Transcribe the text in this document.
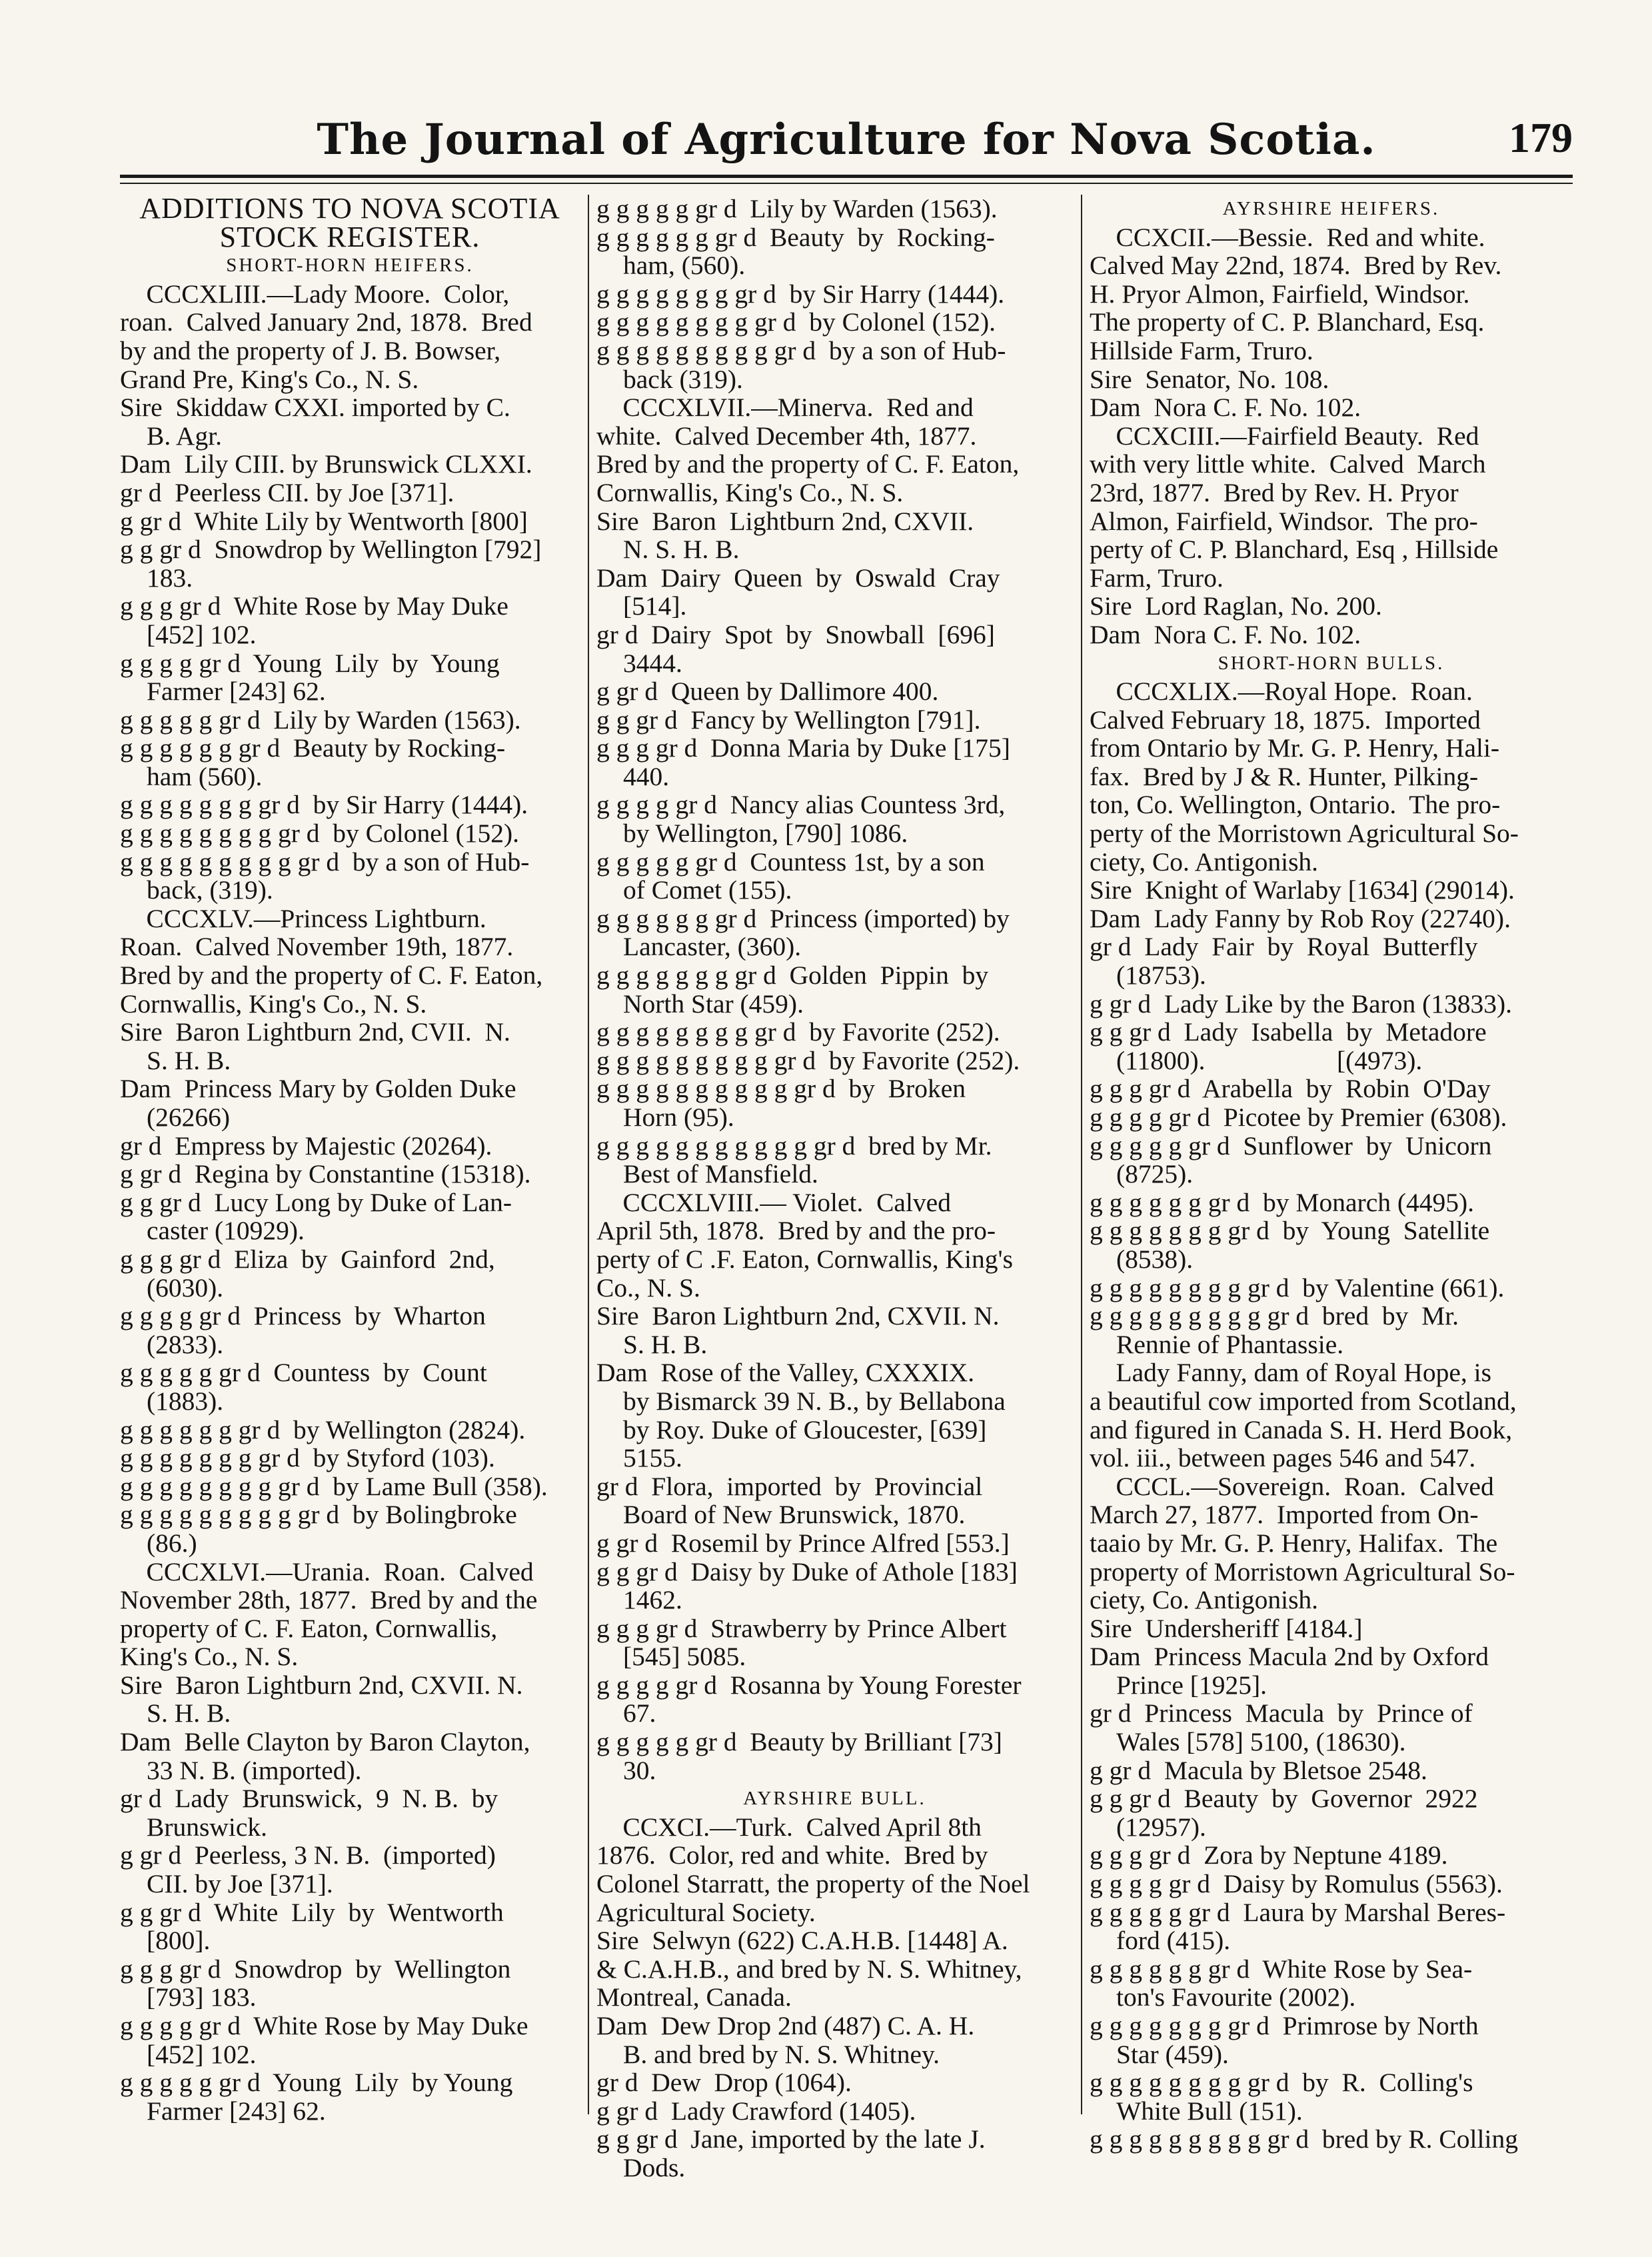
The Journal of Agriculture for Nova Scotia.	179
ADDITIONS TO NOVA SCOTIA
STOCK REGISTER.
SHORT-HORN HEIFERS.
CCCXLIII.—Lady Moore.  Color,
roan.  Calved January 2nd, 1878.  Bred
by and the property of J. B. Bowser,
Grand Pre, King's Co., N. S.
Sire  Skiddaw CXXI. imported by C.
B. Agr.
Dam  Lily CIII. by Brunswick CLXXI.
gr d  Peerless CII. by Joe [371].
g gr d  White Lily by Wentworth [800]
g g gr d  Snowdrop by Wellington [792]
183.
g g g gr d  White Rose by May Duke
[452] 102.
g g g g gr d  Young  Lily  by  Young
Farmer [243] 62.
g g g g g gr d  Lily by Warden (1563).
g g g g g g gr d  Beauty by Rocking-
ham (560).
g g g g g g g gr d  by Sir Harry (1444).
g g g g g g g g gr d  by Colonel (152).
g g g g g g g g g gr d  by a son of Hub-
back, (319).
CCCXLV.—Princess Lightburn.
Roan.  Calved November 19th, 1877.
Bred by and the property of C. F. Eaton,
Cornwallis, King's Co., N. S.
Sire  Baron Lightburn 2nd, CVII.  N.
S. H. B.
Dam  Princess Mary by Golden Duke
(26266)
gr d  Empress by Majestic (20264).
g gr d  Regina by Constantine (15318).
g g gr d  Lucy Long by Duke of Lan-
caster (10929).
g g g gr d  Eliza  by  Gainford  2nd,
(6030).
g g g g gr d  Princess  by  Wharton
(2833).
g g g g g gr d  Countess  by  Count
(1883).
g g g g g g gr d  by Wellington (2824).
g g g g g g g gr d  by Styford (103).
g g g g g g g g gr d  by Lame Bull (358).
g g g g g g g g g gr d  by Bolingbroke
(86.)
CCCXLVI.—Urania.  Roan.  Calved
November 28th, 1877.  Bred by and the
property of C. F. Eaton, Cornwallis,
King's Co., N. S.
Sire  Baron Lightburn 2nd, CXVII. N.
S. H. B.
Dam  Belle Clayton by Baron Clayton,
33 N. B. (imported).
gr d  Lady  Brunswick,  9  N. B.  by
Brunswick.
g gr d  Peerless, 3 N. B.  (imported)
CII. by Joe [371].
g g gr d  White  Lily  by  Wentworth
[800].
g g g gr d  Snowdrop  by  Wellington
[793] 183.
g g g g gr d  White Rose by May Duke
[452] 102.
g g g g g gr d  Young  Lily  by Young
Farmer [243] 62.
g g g g g gr d  Lily by Warden (1563).
g g g g g g gr d  Beauty  by  Rocking-
ham, (560).
g g g g g g g gr d  by Sir Harry (1444).
g g g g g g g g gr d  by Colonel (152).
g g g g g g g g g gr d  by a son of Hub-
back (319).
CCCXLVII.—Minerva.  Red and
white.  Calved December 4th, 1877.
Bred by and the property of C. F. Eaton,
Cornwallis, King's Co., N. S.
Sire  Baron  Lightburn 2nd, CXVII.
N. S. H. B.
Dam  Dairy  Queen  by  Oswald  Cray
[514].
gr d  Dairy  Spot  by  Snowball  [696]
3444.
g gr d  Queen by Dallimore 400.
g g gr d  Fancy by Wellington [791].
g g g gr d  Donna Maria by Duke [175]
440.
g g g g gr d  Nancy alias Countess 3rd,
by Wellington, [790] 1086.
g g g g g gr d  Countess 1st, by a son
of Comet (155).
g g g g g g gr d  Princess (imported) by
Lancaster, (360).
g g g g g g g gr d  Golden  Pippin  by
North Star (459).
g g g g g g g g gr d  by Favorite (252).
g g g g g g g g g gr d  by Favorite (252).
g g g g g g g g g g gr d  by  Broken
Horn (95).
g g g g g g g g g g g gr d  bred by Mr.
Best of Mansfield.
CCCXLVIII.— Violet.  Calved
April 5th, 1878.  Bred by and the pro-
perty of C .F. Eaton, Cornwallis, King's
Co., N. S.
Sire  Baron Lightburn 2nd, CXVII. N.
S. H. B.
Dam  Rose of the Valley, CXXXIX.
by Bismarck 39 N. B., by Bellabona
by Roy. Duke of Gloucester, [639]
5155.
gr d  Flora,  imported  by  Provincial
Board of New Brunswick, 1870.
g gr d  Rosemil by Prince Alfred [553.]
g g gr d  Daisy by Duke of Athole [183]
1462.
g g g gr d  Strawberry by Prince Albert
[545] 5085.
g g g g gr d  Rosanna by Young Forester
67.
g g g g g gr d  Beauty by Brilliant [73]
30.
AYRSHIRE BULL.
CCXCI.—Turk.  Calved April 8th
1876.  Color, red and white.  Bred by
Colonel Starratt, the property of the Noel
Agricultural Society.
Sire  Selwyn (622) C.A.H.B. [1448] A.
& C.A.H.B., and bred by N. S. Whitney,
Montreal, Canada.
Dam  Dew Drop 2nd (487) C. A. H.
B. and bred by N. S. Whitney.
gr d  Dew  Drop (1064).
g gr d  Lady Crawford (1405).
g g gr d  Jane, imported by the late J.
Dods.
AYRSHIRE HEIFERS.
CCXCII.—Bessie.  Red and white.
Calved May 22nd, 1874.  Bred by Rev.
H. Pryor Almon, Fairfield, Windsor.
The property of C. P. Blanchard, Esq.
Hillside Farm, Truro.
Sire  Senator, No. 108.
Dam  Nora C. F. No. 102.
CCXCIII.—Fairfield Beauty.  Red
with very little white.  Calved  March
23rd, 1877.  Bred by Rev. H. Pryor
Almon, Fairfield, Windsor.  The pro-
perty of C. P. Blanchard, Esq , Hillside
Farm, Truro.
Sire  Lord Raglan, No. 200.
Dam  Nora C. F. No. 102.
SHORT-HORN BULLS.
CCCXLIX.—Royal Hope.  Roan.
Calved February 18, 1875.  Imported
from Ontario by Mr. G. P. Henry, Hali-
fax.  Bred by J & R. Hunter, Pilking-
ton, Co. Wellington, Ontario.  The pro-
perty of the Morristown Agricultural So-
ciety, Co. Antigonish.
Sire  Knight of Warlaby [1634] (29014).
Dam  Lady Fanny by Rob Roy (22740).
gr d  Lady  Fair  by  Royal  Butterfly
(18753).
g gr d  Lady Like by the Baron (13833).
g g gr d  Lady  Isabella  by  Metadore
(11800).                    [(4973).
g g g gr d  Arabella  by  Robin  O'Day
g g g g gr d  Picotee by Premier (6308).
g g g g g gr d  Sunflower  by  Unicorn
(8725).
g g g g g g gr d  by Monarch (4495).
g g g g g g g gr d  by  Young  Satellite
(8538).
g g g g g g g g gr d  by Valentine (661).
g g g g g g g g g gr d  bred  by  Mr.
Rennie of Phantassie.
Lady Fanny, dam of Royal Hope, is
a beautiful cow imported from Scotland,
and figured in Canada S. H. Herd Book,
vol. iii., between pages 546 and 547.
CCCL.—Sovereign.  Roan.  Calved
March 27, 1877.  Imported from On-
taaio by Mr. G. P. Henry, Halifax.  The
property of Morristown Agricultural So-
ciety, Co. Antigonish.
Sire  Undersheriff [4184.]
Dam  Princess Macula 2nd by Oxford
Prince [1925].
gr d  Princess  Macula  by  Prince of
Wales [578] 5100, (18630).
g gr d  Macula by Bletsoe 2548.
g g gr d  Beauty  by  Governor  2922
(12957).
g g g gr d  Zora by Neptune 4189.
g g g g gr d  Daisy by Romulus (5563).
g g g g g gr d  Laura by Marshal Beres-
ford (415).
g g g g g g gr d  White Rose by Sea-
ton's Favourite (2002).
g g g g g g g gr d  Primrose by North
Star (459).
g g g g g g g g gr d  by  R.  Colling's
White Bull (151).
g g g g g g g g g gr d  bred by R. Colling
